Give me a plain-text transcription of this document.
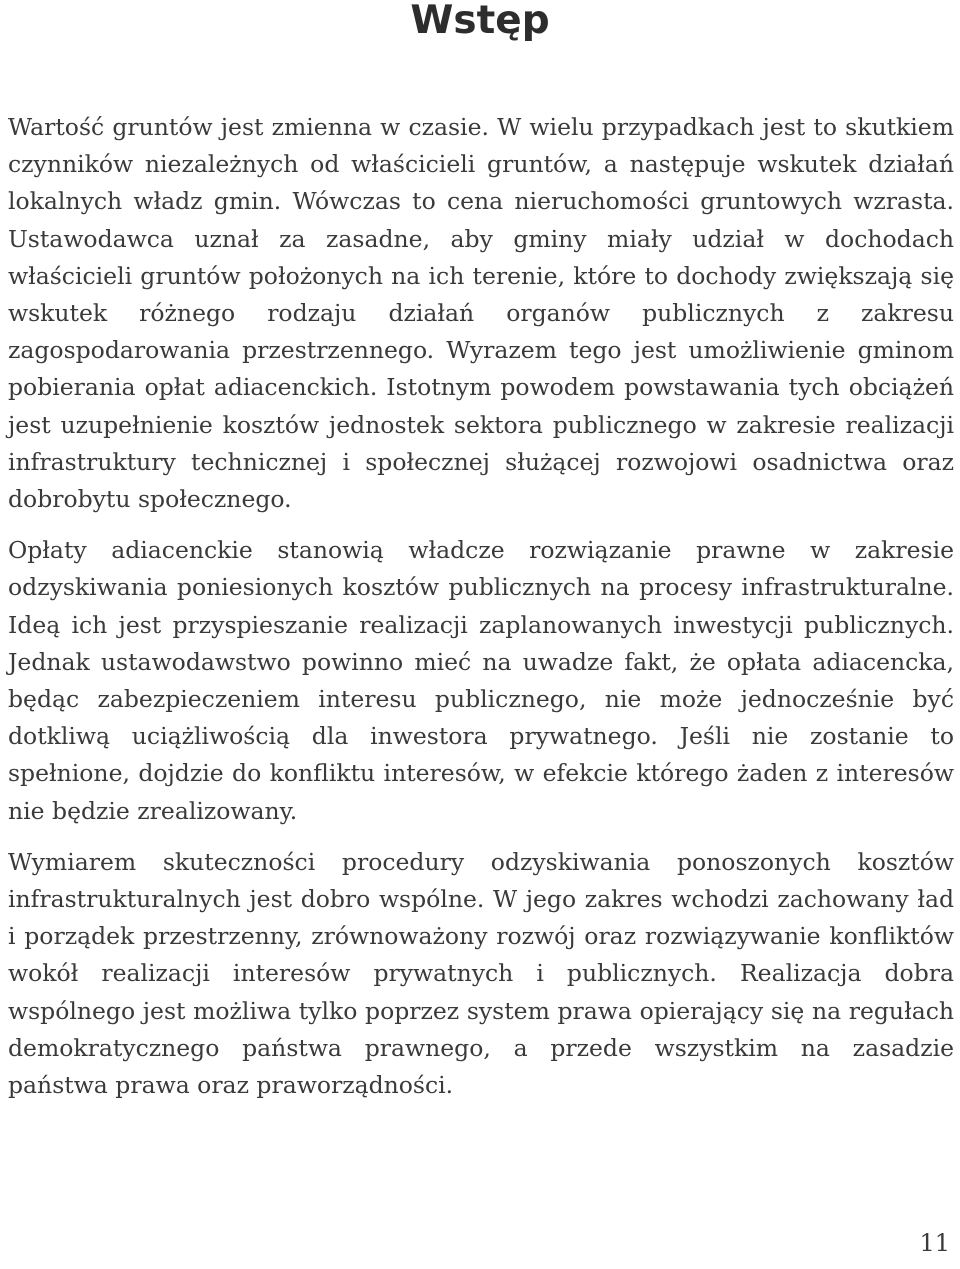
Wstęp

Wartość gruntów jest zmienna w czasie. W wielu przypadkach jest to skutkiem czynników niezależnych od właścicieli gruntów, a następuje wskutek działań lokalnych władz gmin. Wówczas to cena nieruchomości gruntowych wzrasta. Ustawodawca uznał za zasadne, aby gminy miały udział w dochodach właścicieli gruntów położonych na ich terenie, które to dochody zwiększają się wskutek różnego rodzaju działań organów publicznych z zakresu zagospodarowania przestrzennego. Wyrazem tego jest umożliwienie gminom pobierania opłat adiacenckich. Istotnym powodem powstawania tych obciążeń jest uzupełnienie kosztów jednostek sektora publicznego w zakresie realizacji infrastruktury technicznej i społecznej służącej rozwojowi osadnictwa oraz dobrobytu społecznego.

Opłaty adiacenckie stanowią władcze rozwiązanie prawne w zakresie odzyskiwania poniesionych kosztów publicznych na procesy infrastrukturalne. Ideą ich jest przyspieszanie realizacji zaplanowanych inwestycji publicznych. Jednak ustawodawstwo powinno mieć na uwadze fakt, że opłata adiacencka, będąc zabezpieczeniem interesu publicznego, nie może jednocześnie być dotkliwą uciążliwością dla inwestora prywatnego. Jeśli nie zostanie to spełnione, dojdzie do konfliktu interesów, w efekcie którego żaden z interesów nie będzie zrealizowany.

Wymiarem skuteczności procedury odzyskiwania ponoszonych kosztów infrastrukturalnych jest dobro wspólne. W jego zakres wchodzi zachowany ład i porządek przestrzenny, zrównoważony rozwój oraz rozwiązywanie konfliktów wokół realizacji interesów prywatnych i publicznych. Realizacja dobra wspólnego jest możliwa tylko poprzez system prawa opierający się na regułach demokratycznego państwa prawnego, a przede wszystkim na zasadzie państwa prawa oraz praworządności.

11
